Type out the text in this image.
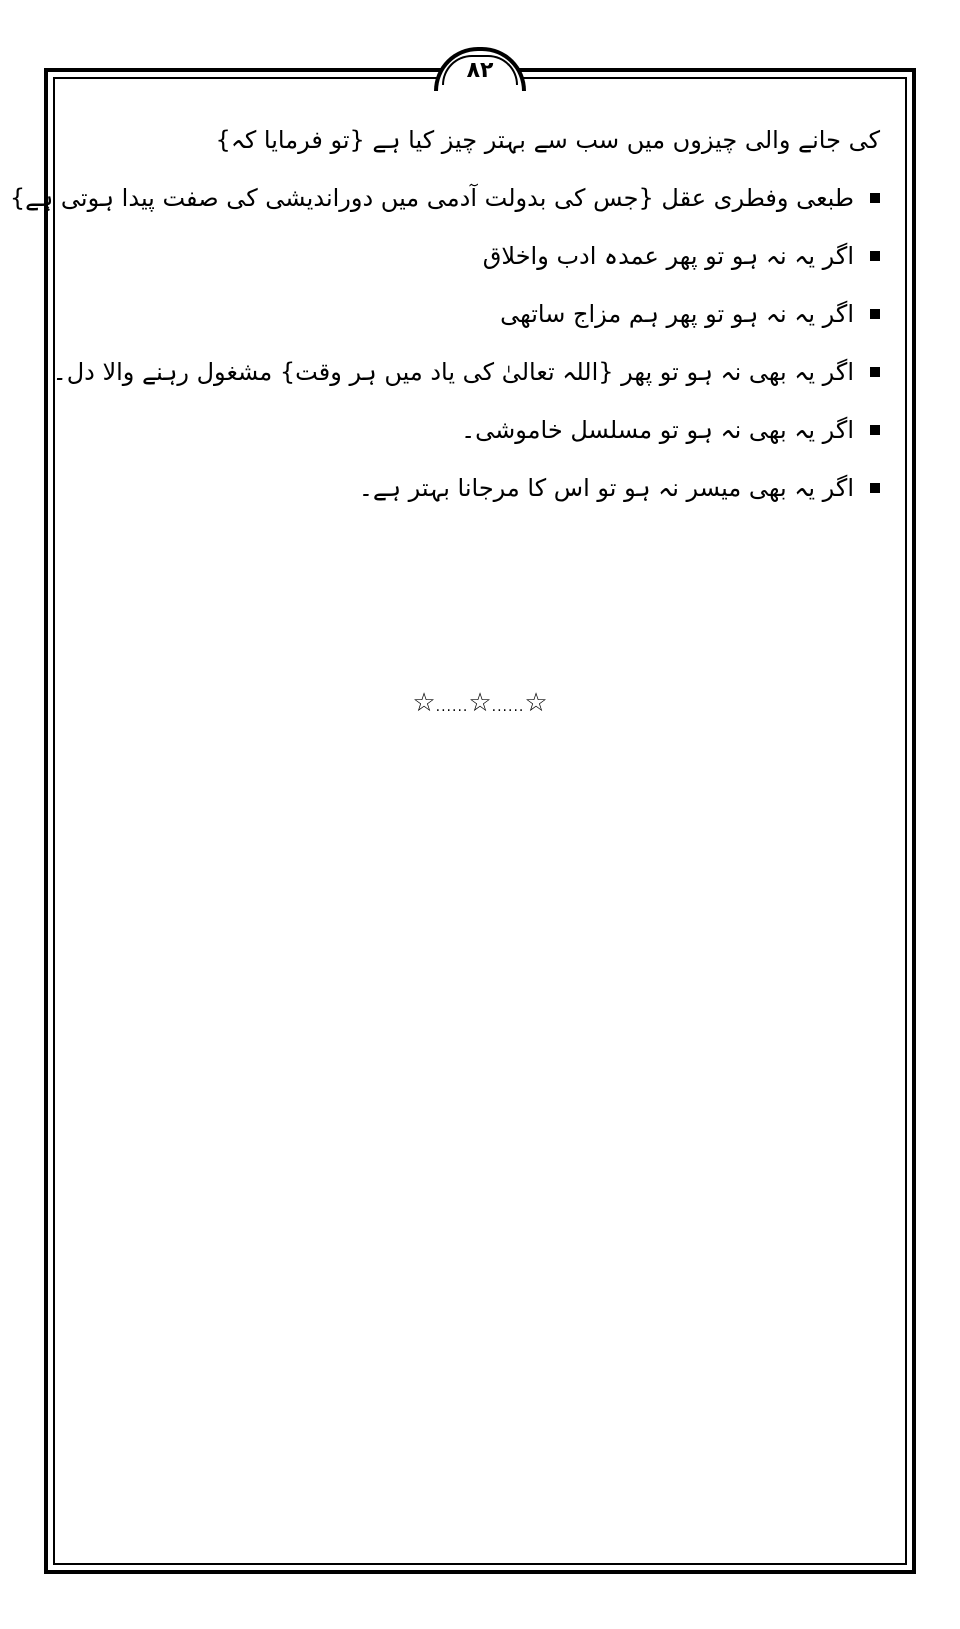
۸۲
کی جانے والی چیزوں میں سب سے بہتر چیز کیا ہے {تو فرمایا کہ}
طبعی وفطری عقل {جس کی بدولت آدمی میں دوراندیشی کی صفت پیدا ہوتی ہے}
اگر یہ نہ ہو تو پھر عمدہ ادب واخلاق
اگر یہ نہ ہو تو پھر ہم مزاج ساتھی
اگر یہ بھی نہ ہو تو پھر {اللہ تعالیٰ کی یاد میں ہر وقت} مشغول رہنے والا دل۔
اگر یہ بھی نہ ہو تو مسلسل خاموشی۔
اگر یہ بھی میسر نہ ہو تو اس کا مرجانا بہتر ہے۔
☆......☆......☆
